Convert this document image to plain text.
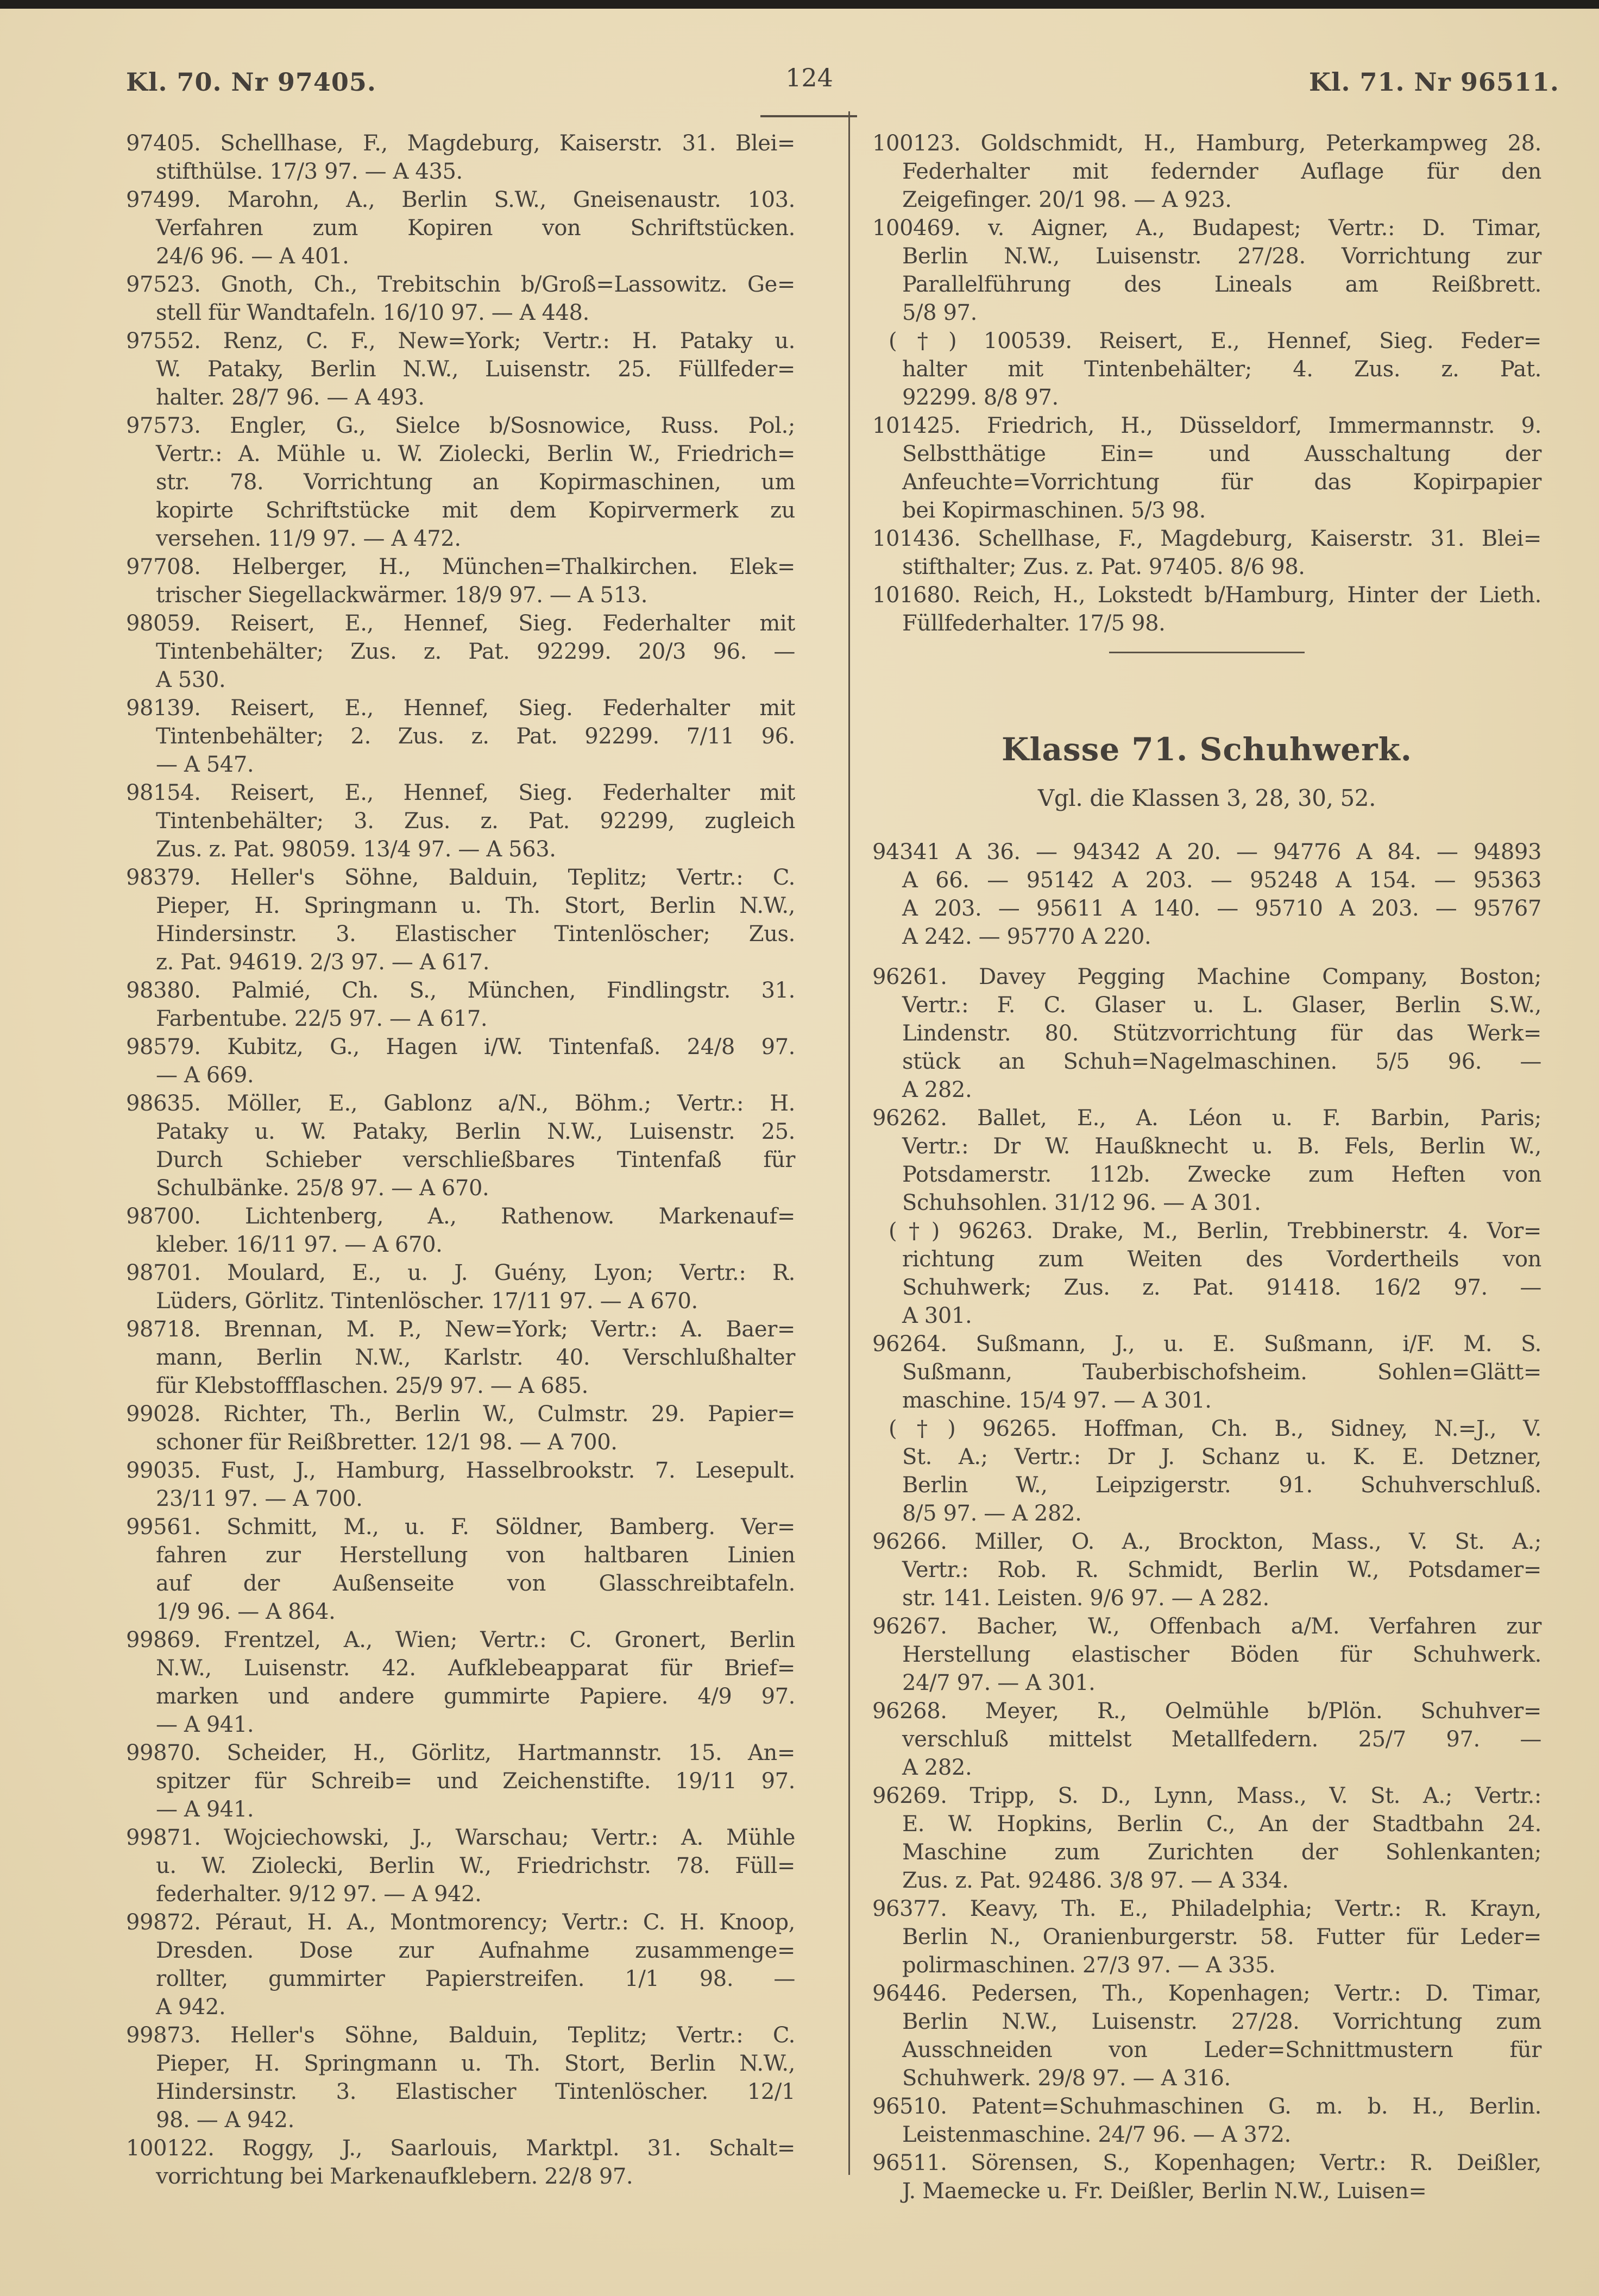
Kl. 70. Nr 97405.	124	Kl. 71. Nr 96511.
97405. Schellhase, F., Magdeburg, Kaiserstr. 31. Blei=
stifthülse. 17/3 97. — A 435.
97499. Marohn, A., Berlin S.W., Gneisenaustr. 103.
Verfahren zum Kopiren von Schriftstücken.
24/6 96. — A 401.
97523. Gnoth, Ch., Trebitschin b/Groß=Lassowitz. Ge=
stell für Wandtafeln. 16/10 97. — A 448.
97552. Renz, C. F., New=York; Vertr.: H. Pataky u.
W. Pataky, Berlin N.W., Luisenstr. 25. Füllfeder=
halter. 28/7 96. — A 493.
97573. Engler, G., Sielce b/Sosnowice, Russ. Pol.;
Vertr.: A. Mühle u. W. Ziolecki, Berlin W., Friedrich=
str. 78. Vorrichtung an Kopirmaschinen, um
kopirte Schriftstücke mit dem Kopirvermerk zu
versehen. 11/9 97. — A 472.
97708. Helberger, H., München=Thalkirchen. Elek=
trischer Siegellackwärmer. 18/9 97. — A 513.
98059. Reisert, E., Hennef, Sieg. Federhalter mit
Tintenbehälter; Zus. z. Pat. 92299. 20/3 96. —
A 530.
98139. Reisert, E., Hennef, Sieg. Federhalter mit
Tintenbehälter; 2. Zus. z. Pat. 92299. 7/11 96.
— A 547.
98154. Reisert, E., Hennef, Sieg. Federhalter mit
Tintenbehälter; 3. Zus. z. Pat. 92299, zugleich
Zus. z. Pat. 98059. 13/4 97. — A 563.
98379. Heller's Söhne, Balduin, Teplitz; Vertr.: C.
Pieper, H. Springmann u. Th. Stort, Berlin N.W.,
Hindersinstr. 3. Elastischer Tintenlöscher; Zus.
z. Pat. 94619. 2/3 97. — A 617.
98380. Palmié, Ch. S., München, Findlingstr. 31.
Farbentube. 22/5 97. — A 617.
98579. Kubitz, G., Hagen i/W. Tintenfaß. 24/8 97.
— A 669.
98635. Möller, E., Gablonz a/N., Böhm.; Vertr.: H.
Pataky u. W. Pataky, Berlin N.W., Luisenstr. 25.
Durch Schieber verschließbares Tintenfaß für
Schulbänke. 25/8 97. — A 670.
98700. Lichtenberg, A., Rathenow. Markenauf=
kleber. 16/11 97. — A 670.
98701. Moulard, E., u. J. Guény, Lyon; Vertr.: R.
Lüders, Görlitz. Tintenlöscher. 17/11 97. — A 670.
98718. Brennan, M. P., New=York; Vertr.: A. Baer=
mann, Berlin N.W., Karlstr. 40. Verschlußhalter
für Klebstoffflaschen. 25/9 97. — A 685.
99028. Richter, Th., Berlin W., Culmstr. 29. Papier=
schoner für Reißbretter. 12/1 98. — A 700.
99035. Fust, J., Hamburg, Hasselbrookstr. 7. Lesepult.
23/11 97. — A 700.
99561. Schmitt, M., u. F. Söldner, Bamberg. Ver=
fahren zur Herstellung von haltbaren Linien
auf der Außenseite von Glasschreibtafeln.
1/9 96. — A 864.
99869. Frentzel, A., Wien; Vertr.: C. Gronert, Berlin
N.W., Luisenstr. 42. Aufklebeapparat für Brief=
marken und andere gummirte Papiere. 4/9 97.
— A 941.
99870. Scheider, H., Görlitz, Hartmannstr. 15. An=
spitzer für Schreib= und Zeichenstifte. 19/11 97.
— A 941.
99871. Wojciechowski, J., Warschau; Vertr.: A. Mühle
u. W. Ziolecki, Berlin W., Friedrichstr. 78. Füll=
federhalter. 9/12 97. — A 942.
99872. Péraut, H. A., Montmorency; Vertr.: C. H. Knoop,
Dresden. Dose zur Aufnahme zusammenge=
rollter, gummirter Papierstreifen. 1/1 98. —
A 942.
99873. Heller's Söhne, Balduin, Teplitz; Vertr.: C.
Pieper, H. Springmann u. Th. Stort, Berlin N.W.,
Hindersinstr. 3. Elastischer Tintenlöscher. 12/1
98. — A 942.
100122. Roggy, J., Saarlouis, Marktpl. 31. Schalt=
vorrichtung bei Markenaufklebern. 22/8 97.
100123. Goldschmidt, H., Hamburg, Peterkampweg 28.
Federhalter mit federnder Auflage für den
Zeigefinger. 20/1 98. — A 923.
100469. v. Aigner, A., Budapest; Vertr.: D. Timar,
Berlin N.W., Luisenstr. 27/28. Vorrichtung zur
Parallelführung des Lineals am Reißbrett.
5/8 97.
(†) 100539. Reisert, E., Hennef, Sieg. Feder=
halter mit Tintenbehälter; 4. Zus. z. Pat.
92299. 8/8 97.
101425. Friedrich, H., Düsseldorf, Immermannstr. 9.
Selbstthätige Ein= und Ausschaltung der
Anfeuchte=Vorrichtung für das Kopirpapier
bei Kopirmaschinen. 5/3 98.
101436. Schellhase, F., Magdeburg, Kaiserstr. 31. Blei=
stifthalter; Zus. z. Pat. 97405. 8/6 98.
101680. Reich, H., Lokstedt b/Hamburg, Hinter der Lieth.
Füllfederhalter. 17/5 98.
Klasse 71. Schuhwerk.
Vgl. die Klassen 3, 28, 30, 52.
94341 A 36. — 94342 A 20. — 94776 A 84. — 94893
A 66. — 95142 A 203. — 95248 A 154. — 95363
A 203. — 95611 A 140. — 95710 A 203. — 95767
A 242. — 95770 A 220.
96261. Davey Pegging Machine Company, Boston;
Vertr.: F. C. Glaser u. L. Glaser, Berlin S.W.,
Lindenstr. 80. Stützvorrichtung für das Werk=
stück an Schuh=Nagelmaschinen. 5/5 96. —
A 282.
96262. Ballet, E., A. Léon u. F. Barbin, Paris;
Vertr.: Dr W. Haußknecht u. B. Fels, Berlin W.,
Potsdamerstr. 112b. Zwecke zum Heften von
Schuhsohlen. 31/12 96. — A 301.
(†) 96263. Drake, M., Berlin, Trebbinerstr. 4. Vor=
richtung zum Weiten des Vordertheils von
Schuhwerk; Zus. z. Pat. 91418. 16/2 97. —
A 301.
96264. Sußmann, J., u. E. Sußmann, i/F. M. S.
Sußmann, Tauberbischofsheim. Sohlen=Glätt=
maschine. 15/4 97. — A 301.
(†) 96265. Hoffman, Ch. B., Sidney, N.=J., V.
St. A.; Vertr.: Dr J. Schanz u. K. E. Detzner,
Berlin W., Leipzigerstr. 91. Schuhverschluß.
8/5 97. — A 282.
96266. Miller, O. A., Brockton, Mass., V. St. A.;
Vertr.: Rob. R. Schmidt, Berlin W., Potsdamer=
str. 141. Leisten. 9/6 97. — A 282.
96267. Bacher, W., Offenbach a/M. Verfahren zur
Herstellung elastischer Böden für Schuhwerk.
24/7 97. — A 301.
96268. Meyer, R., Oelmühle b/Plön. Schuhver=
verschluß mittelst Metallfedern. 25/7 97. —
A 282.
96269. Tripp, S. D., Lynn, Mass., V. St. A.; Vertr.:
E. W. Hopkins, Berlin C., An der Stadtbahn 24.
Maschine zum Zurichten der Sohlenkanten;
Zus. z. Pat. 92486. 3/8 97. — A 334.
96377. Keavy, Th. E., Philadelphia; Vertr.: R. Krayn,
Berlin N., Oranienburgerstr. 58. Futter für Leder=
polirmaschinen. 27/3 97. — A 335.
96446. Pedersen, Th., Kopenhagen; Vertr.: D. Timar,
Berlin N.W., Luisenstr. 27/28. Vorrichtung zum
Ausschneiden von Leder=Schnittmustern für
Schuhwerk. 29/8 97. — A 316.
96510. Patent=Schuhmaschinen G. m. b. H., Berlin.
Leistenmaschine. 24/7 96. — A 372.
96511. Sörensen, S., Kopenhagen; Vertr.: R. Deißler,
J. Maemecke u. Fr. Deißler, Berlin N.W., Luisen=
